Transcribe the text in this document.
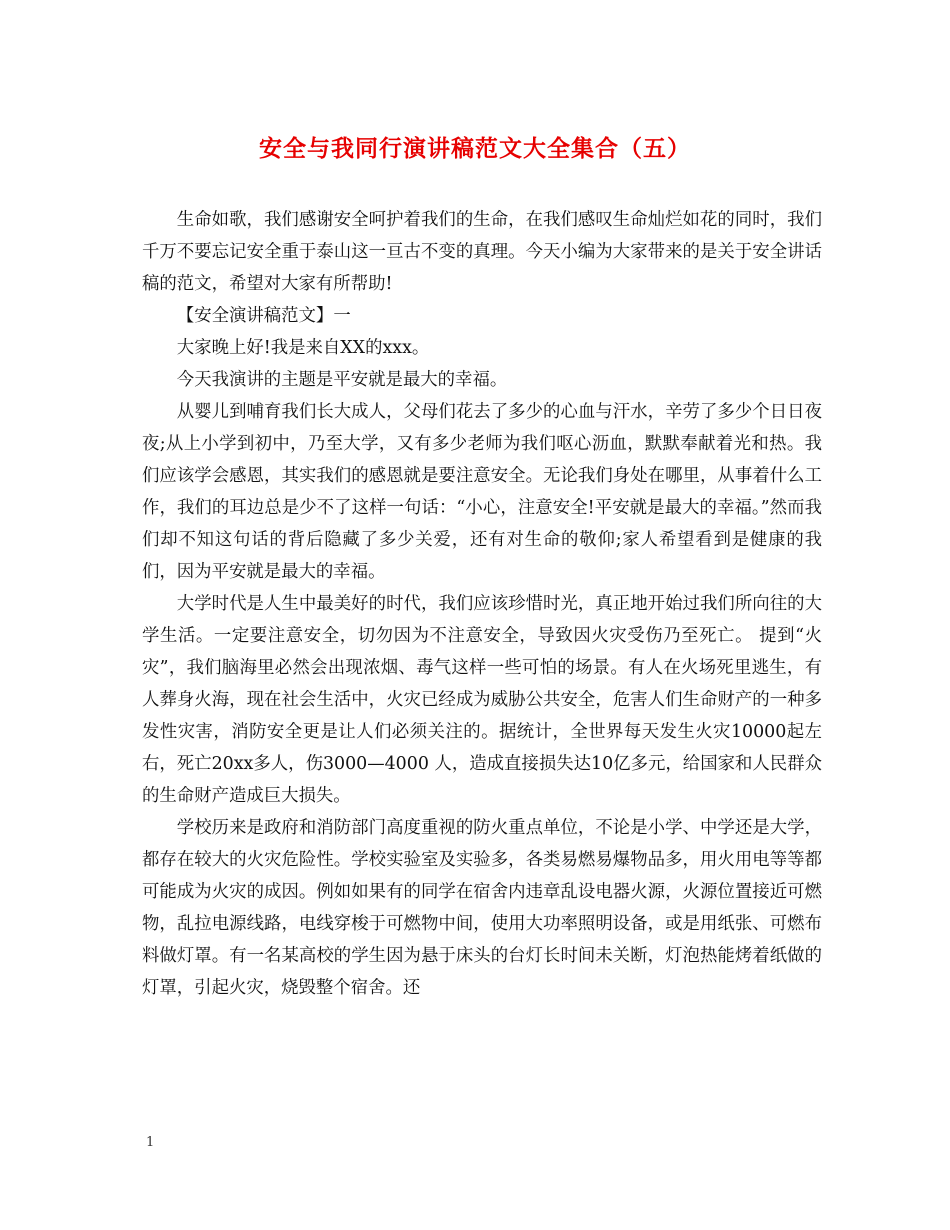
安全与我同行演讲稿范文大全集合（五）

生命如歌，我们感谢安全呵护着我们的生命，在我们感叹生命灿烂如花的同时，我们千万不要忘记安全重于泰山这一亘古不变的真理。今天小编为大家带来的是关于安全讲话稿的范文，希望对大家有所帮助!

【安全演讲稿范文】一

大家晚上好!我是来自XX的xxx。

今天我演讲的主题是平安就是最大的幸福。

从婴儿到哺育我们长大成人，父母们花去了多少的心血与汗水，辛劳了多少个日日夜夜;从上小学到初中，乃至大学，又有多少老师为我们呕心沥血，默默奉献着光和热。我们应该学会感恩，其实我们的感恩就是要注意安全。无论我们身处在哪里，从事着什么工作，我们的耳边总是少不了这样一句话：“小心，注意安全!平安就是最大的幸福。”然而我们却不知这句话的背后隐藏了多少关爱，还有对生命的敬仰;家人希望看到是健康的我们，因为平安就是最大的幸福。

大学时代是人生中最美好的时代，我们应该珍惜时光，真正地开始过我们所向往的大学生活。一定要注意安全，切勿因为不注意安全，导致因火灾受伤乃至死亡。 提到“火灾”，我们脑海里必然会出现浓烟、毒气这样一些可怕的场景。有人在火场死里逃生，有人葬身火海，现在社会生活中，火灾已经成为威胁公共安全，危害人们生命财产的一种多发性灾害，消防安全更是让人们必须关注的。据统计，全世界每天发生火灾10000起左右，死亡20xx多人，伤3000—4000 人，造成直接损失达10亿多元，给国家和人民群众的生命财产造成巨大损失。

学校历来是政府和消防部门高度重视的防火重点单位，不论是小学、中学还是大学，都存在较大的火灾危险性。学校实验室及实验多，各类易燃易爆物品多，用火用电等等都可能成为火灾的成因。例如如果有的同学在宿舍内违章乱设电器火源，火源位置接近可燃物，乱拉电源线路，电线穿梭于可燃物中间，使用大功率照明设备，或是用纸张、可燃布料做灯罩。有一名某高校的学生因为悬于床头的台灯长时间未关断，灯泡热能烤着纸做的灯罩，引起火灾，烧毁整个宿舍。还

1
